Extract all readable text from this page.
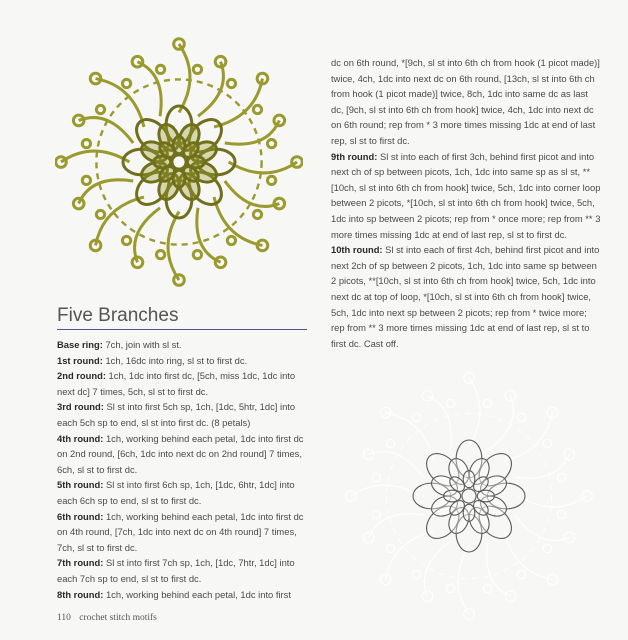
Five Branches

Base ring: 7ch, join with sl st.

1st round: 1ch, 16dc into ring, sl st to first dc.

2nd round: 1ch, 1dc into first dc, [5ch, miss 1dc, 1dc into next dc] 7 times, 5ch, sl st to first dc.

3rd round: Sl st into first 5ch sp, 1ch, [1dc, 5htr, 1dc] into each 5ch sp to end, sl st into first dc. (8 petals)

4th round: 1ch, working behind each petal, 1dc into first dc on 2nd round, [6ch, 1dc into next dc on 2nd round] 7 times, 6ch, sl st to first dc.

5th round: Sl st into first 6ch sp, 1ch, [1dc, 6htr, 1dc] into each 6ch sp to end, sl st to first dc.

6th round: 1ch, working behind each petal, 1dc into first dc on 4th round, [7ch, 1dc into next dc on 4th round] 7 times, 7ch, sl st to first dc.

7th round: Sl st into first 7ch sp, 1ch, [1dc, 7htr, 1dc] into each 7ch sp to end, sl st to first dc.

8th round: 1ch, working behind each petal, 1dc into first

dc on 6th round, *[9ch, sl st into 6th ch from hook (1 picot made)] twice, 4ch, 1dc into next dc on 6th round, [13ch, sl st into 6th ch from hook (1 picot made)] twice, 8ch, 1dc into same dc as last dc, [9ch, sl st into 6th ch from hook] twice, 4ch, 1dc into next dc on 6th round; rep from * 3 more times missing 1dc at end of last rep, sl st to first dc.

9th round: Sl st into each of first 3ch, behind first picot and into next ch of sp between picots, 1ch, 1dc into same sp as sl st, **[10ch, sl st into 6th ch from hook] twice, 5ch, 1dc into corner loop between 2 picots, *[10ch, sl st into 6th ch from hook] twice, 5ch, 1dc into sp between 2 picots; rep from * once more; rep from ** 3 more times missing 1dc at end of last rep, sl st to first dc.

10th round: Sl st into each of first 4ch, behind first picot and into next 2ch of sp between 2 picots, 1ch, 1dc into same sp between 2 picots, **[10ch, sl st into 6th ch from hook] twice, 5ch, 1dc into next dc at top of loop, *[10ch, sl st into 6th ch from hook] twice, 5ch, 1dc into next sp between 2 picots; rep from * twice more; rep from ** 3 more times missing 1dc at end of last rep, sl st to first dc. Cast off.

110 crochet stitch motifs
